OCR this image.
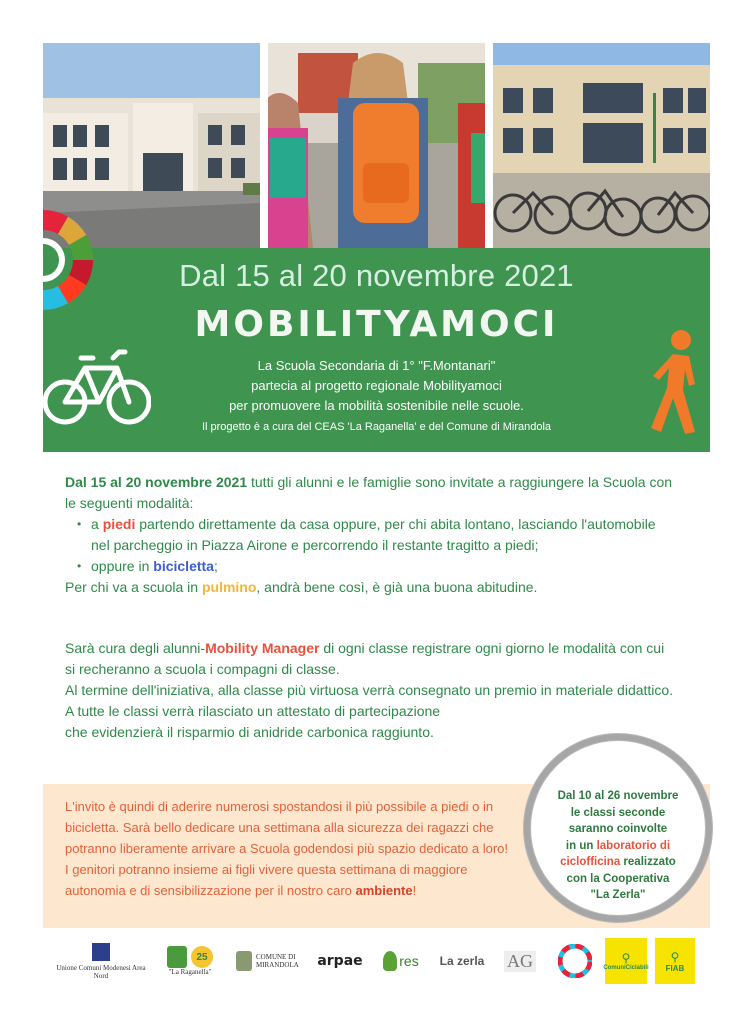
Dal 15 al 20 novembre 2021
MOBILITYAMOCI
La Scuola Secondaria di 1° "F.Montanari"
partecia al progetto regionale Mobilityamoci
per promuovere la mobilità sostenibile nelle scuole.
Il progetto è a cura del CEAS 'La Raganella' e del Comune di Mirandola

Dal 15 al 20 novembre 2021 tutti gli alunni e le famiglie sono invitate a raggiungere la Scuola con le seguenti modalità:

• a piedi partendo direttamente da casa oppure, per chi abita lontano, lasciando l'automobile nel parcheggio in Piazza Airone e percorrendo il restante tragitto a piedi;
• oppure in bicicletta;

Per chi va a scuola in pulmino, andrà bene così, è già una buona abitudine.

Sarà cura degli alunni-Mobility Manager di ogni classe registrare ogni giorno le modalità con cui si recheranno a scuola i compagni di classe.

Al termine dell'iniziativa, alla classe più virtuosa verrà consegnato un premio in materiale didattico.

A tutte le classi verrà rilasciato un attestato di partecipazione

che evidenzierà il risparmio di anidride carbonica raggiunto.

L'invito è quindi di aderire numerosi spostandosi il più possibile a piedi o in bicicletta. Sarà bello dedicare una settimana alla sicurezza dei ragazzi che potranno liberamente arrivare a Scuola godendosi più spazio dedicato a loro! I genitori potranno insieme ai figli vivere questa settimana di maggiore autonomia e di sensibilizzazione per il nostro caro ambiente!

Dal 10 al 26 novembre
le classi seconde
saranno coinvolte
in un laboratorio di
ciclofficina realizzato
con la Cooperativa
"La Zerla"
Unione Comuni Modenesi Area Nord
25
"La Raganella"
COMUNE DI MIRANDOLA arpae	res La zerla AG	⚲
ComuniCiclabili
⚲
FIAB
